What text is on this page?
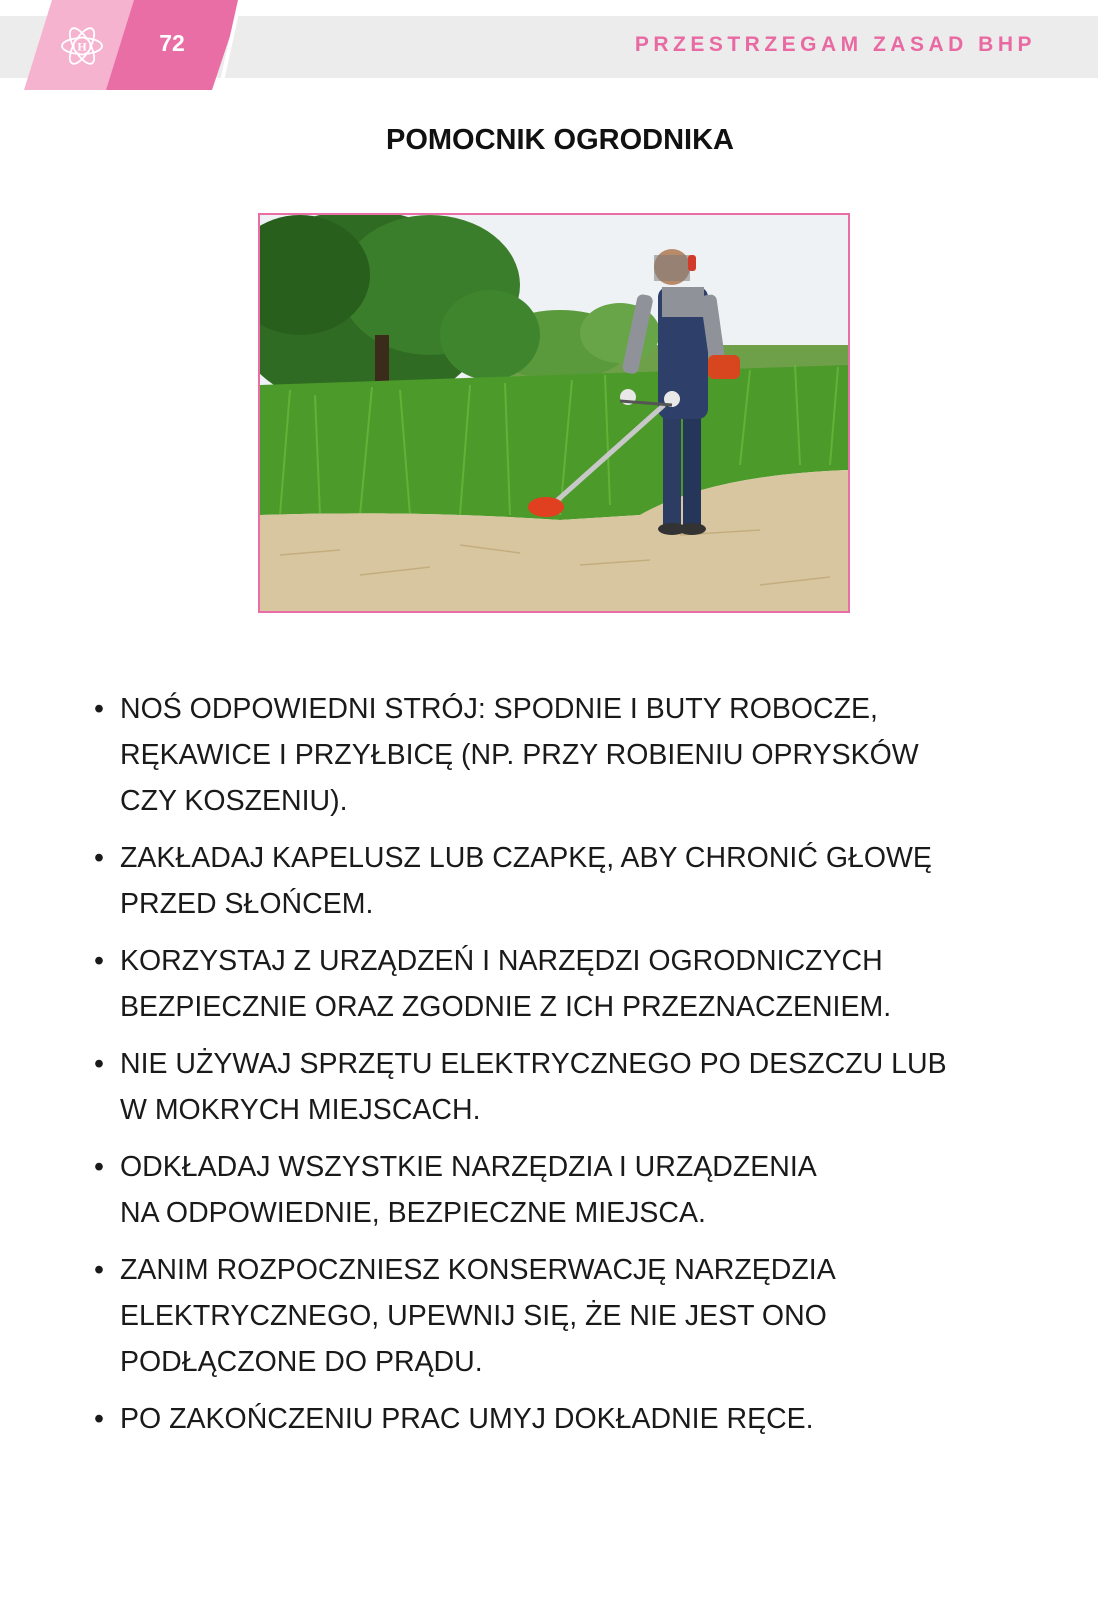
H	72	PRZESTRZEGAM ZASAD BHP
POMOCNIK OGRODNIKA
• NOŚ ODPOWIEDNI STRÓJ: SPODNIE I BUTY ROBOCZE,
RĘKAWICE I PRZYŁBICĘ (NP. PRZY ROBIENIU OPRYSKÓW
CZY KOSZENIU).
• ZAKŁADAJ KAPELUSZ LUB CZAPKĘ, ABY CHRONIĆ GŁOWĘ
PRZED SŁOŃCEM.
• KORZYSTAJ Z URZĄDZEŃ I NARZĘDZI OGRODNICZYCH
BEZPIECZNIE ORAZ ZGODNIE Z ICH PRZEZNACZENIEM.
• NIE UŻYWAJ SPRZĘTU ELEKTRYCZNEGO PO DESZCZU LUB
W MOKRYCH MIEJSCACH.
• ODKŁADAJ WSZYSTKIE NARZĘDZIA I URZĄDZENIA
NA ODPOWIEDNIE, BEZPIECZNE MIEJSCA.
• ZANIM ROZPOCZNIESZ KONSERWACJĘ NARZĘDZIA
ELEKTRYCZNEGO, UPEWNIJ SIĘ, ŻE NIE JEST ONO
PODŁĄCZONE DO PRĄDU.
• PO ZAKOŃCZENIU PRAC UMYJ DOKŁADNIE RĘCE.
